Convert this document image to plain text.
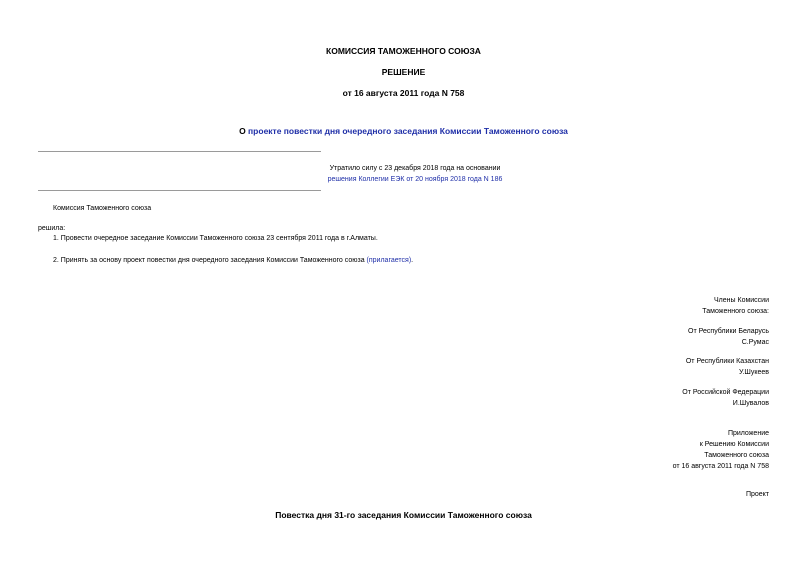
КОМИССИЯ ТАМОЖЕННОГО СОЮЗА
РЕШЕНИЕ
от 16 августа 2011 года N 758
О проекте повестки дня очередного заседания Комиссии Таможенного союза
Утратило силу с 23 декабря 2018 года на основании
решения Коллегии ЕЭК от 20 ноября 2018 года N 186
Комиссия Таможенного союза
решила:
1. Провести очередное заседание Комиссии Таможенного союза 23 сентября 2011 года в г.Алматы.
2. Принять за основу проект повестки дня очередного заседания Комиссии Таможенного союза (прилагается).
Члены Комиссии
Таможенного союза:
От Республики Беларусь
С.Румас
От Республики Казахстан
У.Шукеев
От Российской Федерации
И.Шувалов
Приложение
к Решению Комиссии
Таможенного союза
от 16 августа 2011 года N 758
Проект
Повестка дня 31-го заседания Комиссии Таможенного союза
